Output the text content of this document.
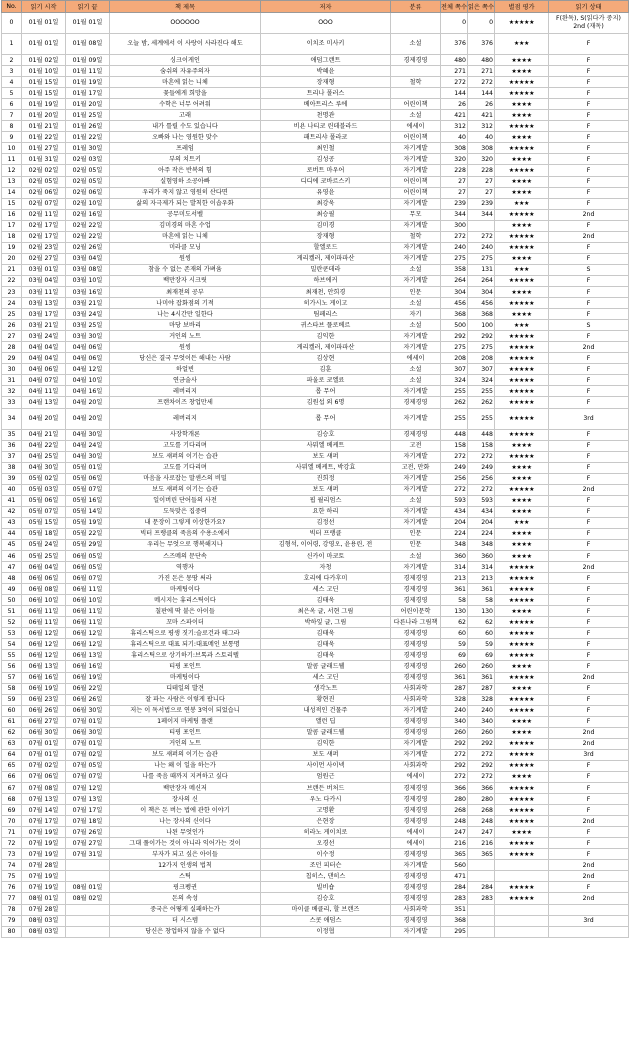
No.	읽기 시작	읽기 끝	책 제목	저자	분류	전체 쪽수	읽은 쪽수	별점 평가	읽기 상태
0	01월 01일	01월 01일	OOOOOO	OOO		0	0	★★★★★	F(완독), S(읽다가 중지) 2nd (재독)
1	01월 01일	01월 08일	오늘 밤, 세계에서 이 사랑이 사라진다 해도	이치조 미사키	소설	376	376	★★★	F
2	01월 02일	01월 09일	싱크이게인	애덤그랜트	경제경영	480	480	★★★★	F
3	01월 10일	01월 11일	숨쉬의 자유주의자	박혜윤		271	271	★★★★	F
4	01월 15일	01월 19일	마흔에 읽는 니체	장재형	철학	272	272	★★★★★	F
5	01월 15일	01월 17일	꽃들에게 희망을	트리나 폴러스		144	144	★★★★★	F
6	01월 19일	01월 20일	수학은 너무 어려워	베아트리스 루에	어린이책	26	26	★★★★	F
7	01월 20일	01월 25일	고래	천명관	소설	421	421	★★★★	F
8	01월 21일	01월 26일	내가 틀릴 수도 있습니다	비욘 나티코 린데블라드	에세이	312	312	★★★★★	F
9	01월 22일	01월 22일	오빠와 나는 영원한 맞수	패트리샤 폴라코	어린이책	40	40	★★★★	F
10	01월 27일	01월 30일	프레임	최인철	자기계발	308	308	★★★★★	F
11	01월 31일	02월 03일	부의 치트키	김성공	자기계발	320	320	★★★★	F
12	02월 02일	02월 05일	아주 작은 반복의 힘	로버트 마우어	자기계발	228	228	★★★★★	F
13	02월 05일	02월 05일	실험영하 소공아빠	디디에 코바르스키	어린이책	27	27	★★★★	F
14	02월 06일	02월 06일	우리가 죽지 않고 영원히 산다면	유영윤	어린이책	27	27	★★★★	F
15	02월 07일	02월 10일	삶의 자극제가 되는 발칙한 이솝우화	최강욱	자기계발	239	239	★★★	F
16	02월 11일	02월 16일	공무미도서벨	최승필	무모	344	344	★★★★★	2nd
17	02월 17일	02월 22일	김미경의 마흔 수업	김미경	자기계발	300		★★★★	F
18	02월 17일	02월 22일	마흔에 읽는 니체	장재형	철학	272	272	★★★★★	2nd
19	02월 23일	02월 26일	미라클 모닝	할엘로드	자기계발	240	240	★★★★★	F
20	02월 27일	03월 04일	원씽	게리켈러, 제이파파산	자기계발	275	275	★★★★	F
21	03월 01일	03월 08일	참을 수 없는 존재의 가벼움	밀란쿤데라	소설	358	131	★★★	S
22	03월 04일	03월 10일	백만장자 시크릿	하브에커	자기계발	264	264	★★★★★	F
23	03월 11일	03월 16일	최재천의 공부	최재천, 안희경	인문	304	304	★★★★	F
24	03월 13일	03월 21일	나미야 잡화점의 기적	히가시노 게이고	소설	456	456	★★★★★	F
25	03월 17일	03월 24일	나는 4시간만 일한다	팀페리스	자기	368	368	★★★★	F
26	03월 21일	03월 25일	마당 보바리	귀스타브 플로베르	소설	500	100	★★★	S
27	03월 24일	03월 30일	거인의 노트	김익한	자기계발	292	292	★★★★★	F
28	04월 04일	04월 06일	원씽	게리켈러, 제이파파산	자기계발	275	275	★★★★★	2nd
29	04월 04일	04월 06일	당신은 결국 무엇이든 해내는 사람	김상현	에세이	208	208	★★★★★	F
30	04월 06일	04월 12일	하얼빈	김훈	소설	307	307	★★★★★	F
31	04월 07일	04월 10일	연금술사	파울로 코엘료	소설	324	324	★★★★★	F
32	04월 11일	04월 16일	레버리지	롭 무어	자기계발	255	255	★★★★★	F
33	04월 13일	04월 20일	프랜차이즈 창업만세	김원섭 외 6명	경제경영	262	262	★★★★★	F
34	04월 20일	04월 20일	레버리지	롭 무어	자기계발	255	255	★★★★★	3rd
35	04월 21일	04월 30일	사장학개론	김승호	경제경영	448	448	★★★★★	F
36	04월 22일	04월 24일	고도를 기다리며	사뮈엘 베케트	고전	158	158	★★★★	F
37	04월 25일	04월 30일	보도 섀퍼의 이기는 습관	보도 섀퍼	자기계발	272	272	★★★★★	F
38	04월 30일	05월 01일	고도를 기다리며	사뮈엘 베케트, 박강효	고전, 만화	249	249	★★★★	F
39	05월 02일	05월 06일	마음을 사로잡는 말센스의 비밀	진희정	자기계발	256	256	★★★★	F
40	05월 03일	05월 07일	보도 섀퍼의 이기는 습관	보도 섀퍼	자기계발	272	272	★★★★★	2nd
41	05월 06일	05월 16일	일이버린 단어들의 사전	핍 윌리엄스	소설	593	593	★★★★	F
42	05월 07일	05월 14일	도둑맞은 집중력	요한 하리	자기계발	434	434	★★★★	F
43	05월 15일	05월 19일	내 문장이 그렇게 이상한가요?	김정선	자기계발	204	204	★★★	F
44	05월 18일	05월 22일	빅터 프랭클의 죽음의 수용소에서	빅터 프랭클	인문	224	224	★★★★	F
45	05월 24일	05월 29일	우리는 무엇으로 행복해지나	김형석, 이어령, 강영오, 윤용린, 전	인문	348	348	★★★★	F
46	05월 25일	06월 05일	스즈메의 문단속	신카이 마코토	소설	360	360	★★★★	F
47	06월 04일	06월 05일	역행자	자청	자기계발	314	314	★★★★★	2nd
48	06월 06일	06월 07일	가진 돈은 몽땅 써라	호리에 다카후미	경제경영	213	213	★★★★★	F
49	06월 08일	06월 11일	마케팅이다	세스 고딘	경제경영	361	361	★★★★★	F
50	06월 10일	06월 10일	메시지는 휴리스틱이다	김태욱	경제경영	58	58	★★★★★	F
51	06월 11일	06월 11일	칠판에 딱 붙은 아이들	최은옥 글, 서현 그림	어린이문학	130	130	★★★★	F
52	06월 11일	06월 11일	꼬마 스파이더	박하잎 글, 그림	다른나라 그림책	62	62	★★★★★	F
53	06월 12일	06월 12일	휴리스틱으로 평생 짓기:슬로건과 태그라	김태욱	경제경영	60	60	★★★★★	F
54	06월 12일	06월 12일	휴리스틱으로 대표 되기:대표메인 보통명	김태욱	경제경영	59	59	★★★★★	F
55	06월 12일	06월 13일	휴리스틱으로 상기하기:브톡과 스토리텔	김태욱	경제경영	69	69	★★★★★	F
56	06월 13일	06월 16일	티핑 포인트	말콤 글래드웰	경제경영	260	260	★★★★	F
57	06월 16일	06월 19일	마케팅이다	세스 고딘	경제경영	361	361	★★★★★	2nd
58	06월 19일	06월 22일	디테일의 발견	생각노트	사회과학	287	287	★★★★	F
59	06월 23일	06월 26일	잘 파는 사람은 이렇게 팝니다	황현진	사회과학	328	328	★★★★★	F
60	06월 26일	06월 30일	저는 이 독서법으로 연봉 3억이 되었습니	내성적인 건물주	자기계발	240	240	★★★★★	F
61	06월 27일	07월 01일	1페이지 마케팅 플랜	앨런 딥	경제경영	340	340	★★★★	F
62	06월 30일	06월 30일	티핑 포인트	말콤 글래드웰	경제경영	260	260	★★★★	2nd
63	07월 01일	07월 01일	거인의 노트	김익한	자기계발	292	292	★★★★★	2nd
64	07월 01일	07월 02일	보도 섀퍼의 이기는 습관	보도 섀퍼	자기계발	272	272	★★★★★	3rd
65	07월 02일	07월 05일	나는 왜 이 일을 하는가	사이먼 사이넥	사회과학	292	292	★★★★★	F
66	07월 06일	07월 07일	나를 죽음 때까지 지켜하고 싶다	엄원근	에세이	272	272	★★★★	F
67	07월 08일	07월 12일	백만장자 메신저	브랜든 버처드	경제경영	366	366	★★★★★	F
68	07월 13일	07월 13일	장사의 신	우노 다카시	경제경영	280	280	★★★★★	F
69	07월 14일	07월 17일	이 책은 돈 버는 법에 관한 이야기	고명환	경제경영	268	268	★★★★★	F
70	07월 17일	07월 18일	나는 장사의 신이다	은현장	경제경영	248	248	★★★★★	2nd
71	07월 19일	07월 26일	나된 무엇인가	히라노 게이치로	에세이	247	247	★★★★	F
72	07월 19일	07월 27일	그대 풀이가는 것이 아니라 익어가는 것이	오경선	에세이	216	216	★★★★★	F
73	07월 19일	07월 31일	부자가 되고 싶은 아이들	이수정	경제경영	365	365	★★★★★	F
74	07월 28일		12가지 인생의 법칙	조던 피터슨	자기계발	560			2nd
75	07월 19일		스틱	칩히스, 댄히스	경제경영	471			2nd
76	07월 19일	08월 01일	핑크펭귄	빌비숍	경제경영	284	284	★★★★★	F
77	08월 01일	08월 02일	돈의 속성	김승호	경제경영	283	283	★★★★★	2nd
78	07월 28일		중국은 어떻게 실패하는가	마이클 베클리, 할 브랜즈	사회과학	351			
79	08월 03일		더 시스템	스콧 애덤스	경제경영	368			3rd
80	08월 03일		당신은 창업하지 않을 수 없다	이정협	자기계발	295			
